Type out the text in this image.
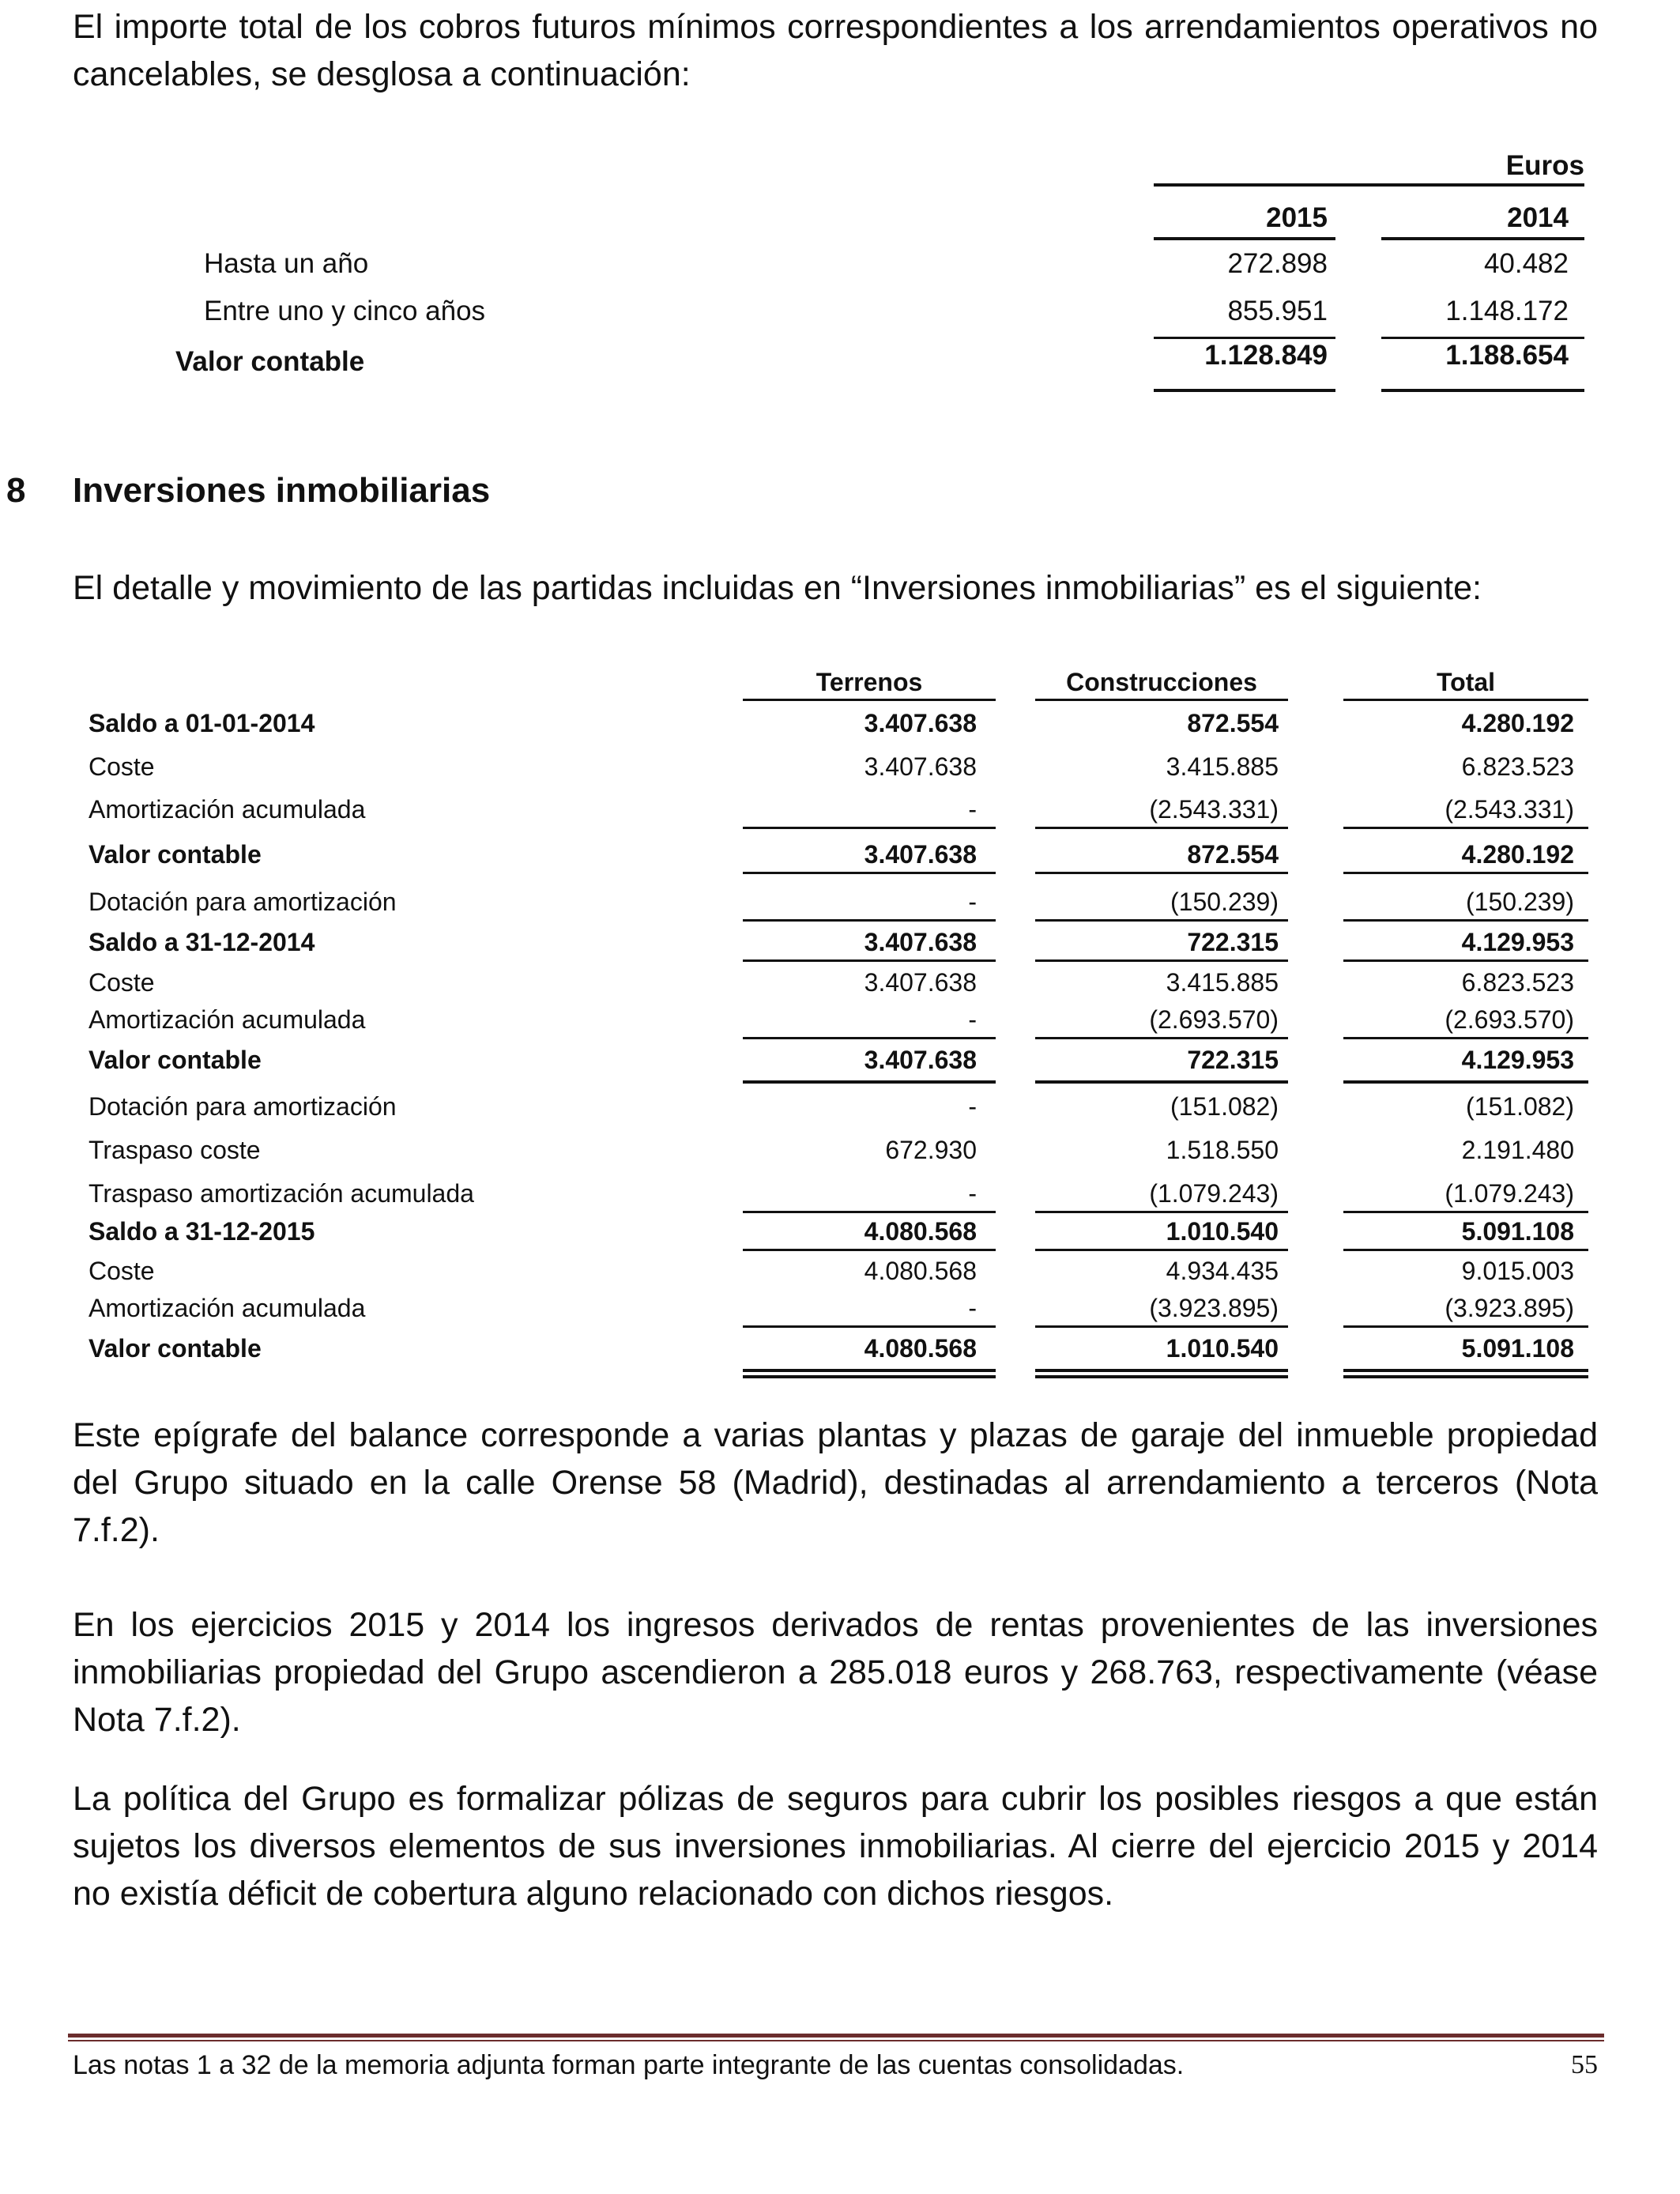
El importe total de los cobros futuros mínimos correspondientes a los arrendamientos operativos no cancelables, se desglosa a continuación:

Euros
2015	2014
Hasta un año	272.898	40.482
Entre uno y cinco años	855.951	1.148.172
Valor contable	1.128.849	1.188.654
8 Inversiones inmobiliarias

El detalle y movimiento de las partidas incluidas en “Inversiones inmobiliarias” es el siguiente:

Terrenos	Construcciones	Total
Saldo a 01-01-2014	3.407.638	872.554	4.280.192
Coste	3.407.638	3.415.885	6.823.523
Amortización acumulada	-	(2.543.331)	(2.543.331)
Valor contable	3.407.638	872.554	4.280.192
Dotación para amortización	-	(150.239)	(150.239)
Saldo a 31-12-2014	3.407.638	722.315	4.129.953
Coste	3.407.638	3.415.885	6.823.523
Amortización acumulada	-	(2.693.570)	(2.693.570)
Valor contable	3.407.638	722.315	4.129.953
Dotación para amortización	-	(151.082)	(151.082)
Traspaso coste	672.930	1.518.550	2.191.480
Traspaso amortización acumulada	-	(1.079.243)	(1.079.243)
Saldo a 31-12-2015	4.080.568	1.010.540	5.091.108
Coste	4.080.568	4.934.435	9.015.003
Amortización acumulada	-	(3.923.895)	(3.923.895)
Valor contable	4.080.568	1.010.540	5.091.108

Este epígrafe del balance corresponde a varias plantas y plazas de garaje del inmueble propiedad del Grupo situado en la calle Orense 58 (Madrid), destinadas al arrendamiento a terceros (Nota 7.f.2).

En los ejercicios 2015 y 2014 los ingresos derivados de rentas provenientes de las inversiones inmobiliarias propiedad del Grupo ascendieron a 285.018 euros y 268.763, respectivamente (véase Nota 7.f.2).

La política del Grupo es formalizar pólizas de seguros para cubrir los posibles riesgos a que están sujetos los diversos elementos de sus inversiones inmobiliarias. Al cierre del ejercicio 2015 y 2014 no existía déficit de cobertura alguno relacionado con dichos riesgos.

Las notas 1 a 32 de la memoria adjunta forman parte integrante de las cuentas consolidadas.	55
